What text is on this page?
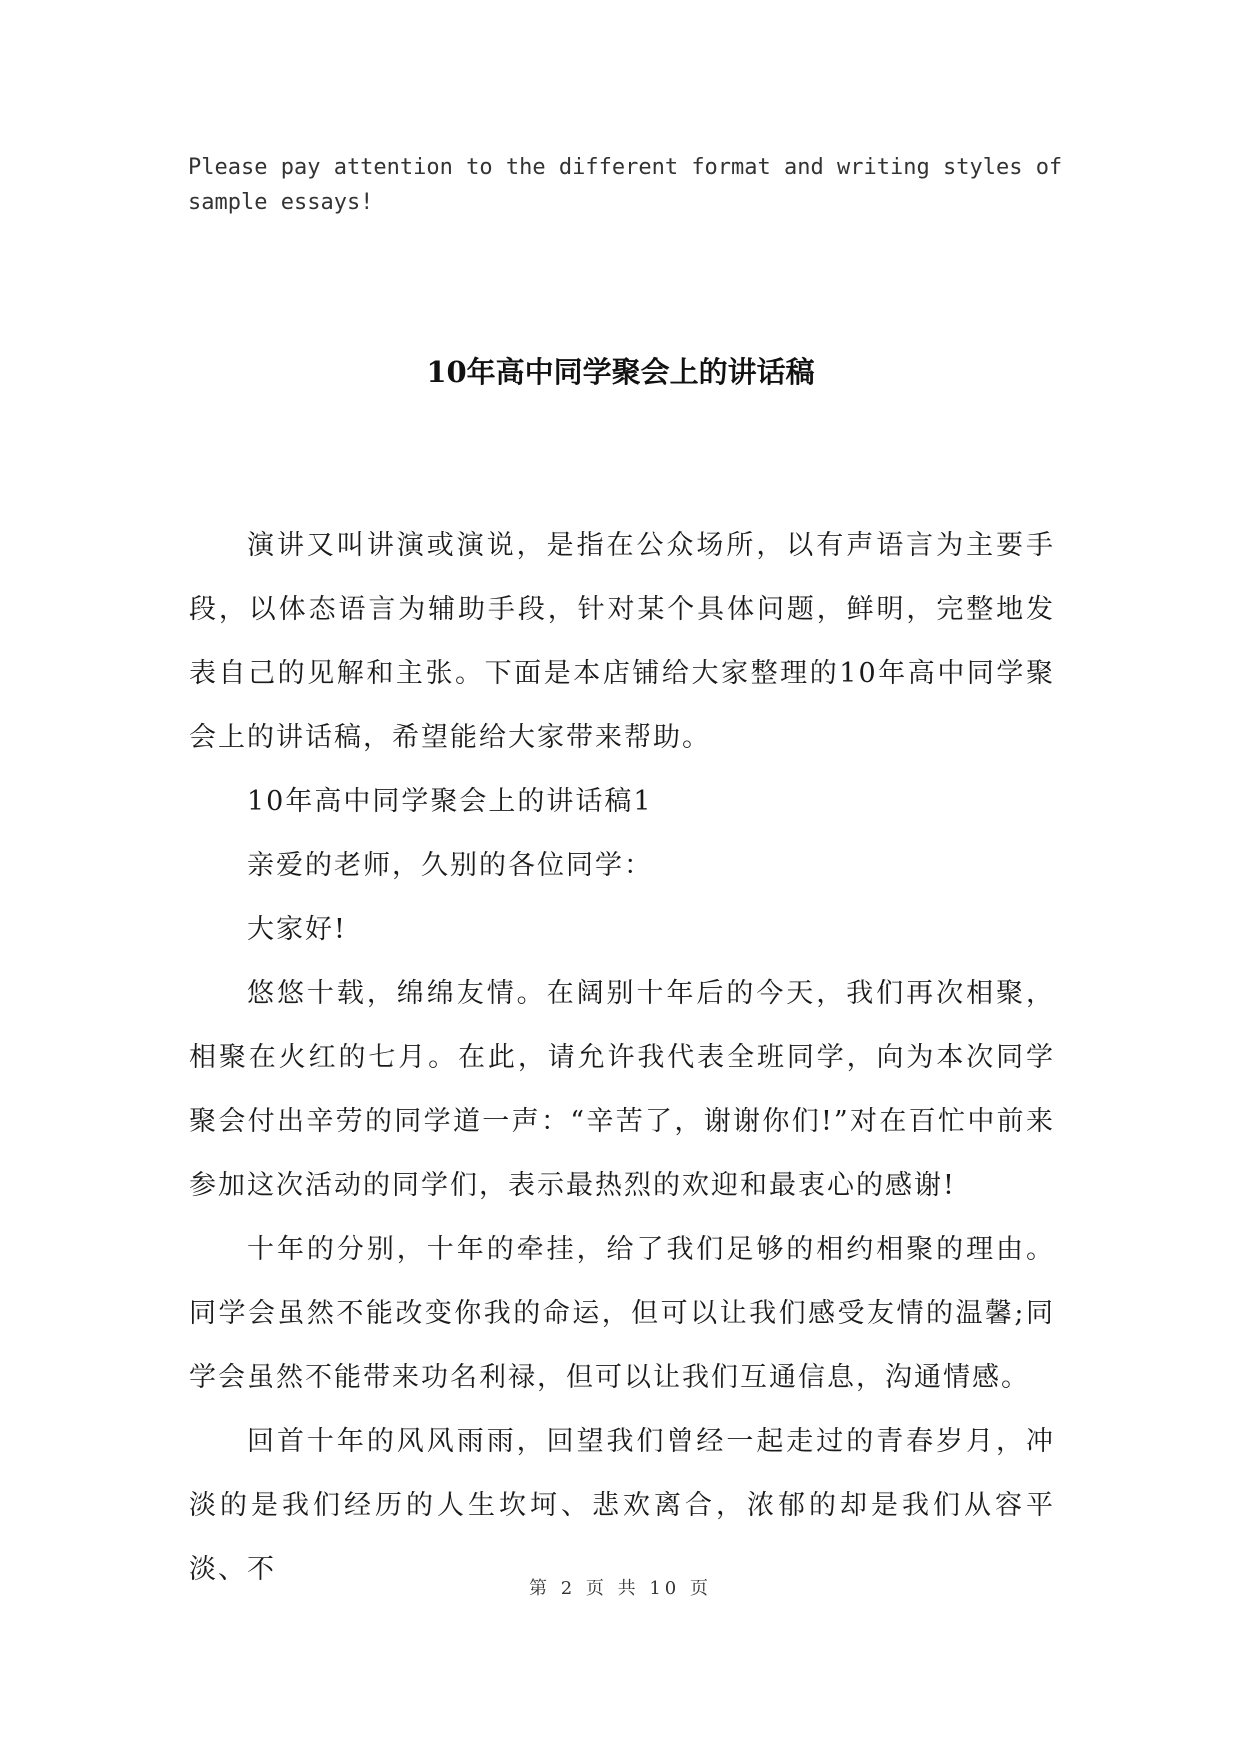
Please pay attention to the different format and writing styles of sample essays!
10年高中同学聚会上的讲话稿

演讲又叫讲演或演说，是指在公众场所，以有声语言为主要手段，以体态语言为辅助手段，针对某个具体问题，鲜明，完整地发表自己的见解和主张。下面是本店铺给大家整理的10年高中同学聚会上的讲话稿，希望能给大家带来帮助。

10年高中同学聚会上的讲话稿1

亲爱的老师，久别的各位同学：

大家好!

悠悠十载，绵绵友情。在阔别十年后的今天，我们再次相聚，相聚在火红的七月。在此，请允许我代表全班同学，向为本次同学聚会付出辛劳的同学道一声：“辛苦了，谢谢你们!”对在百忙中前来参加这次活动的同学们，表示最热烈的欢迎和最衷心的感谢!

十年的分别，十年的牵挂，给了我们足够的相约相聚的理由。同学会虽然不能改变你我的命运，但可以让我们感受友情的温馨;同学会虽然不能带来功名利禄，但可以让我们互通信息，沟通情感。

回首十年的风风雨雨，回望我们曾经一起走过的青春岁月，冲淡的是我们经历的人生坎坷、悲欢离合，浓郁的却是我们从容平淡、不

第 2 页 共 10 页
